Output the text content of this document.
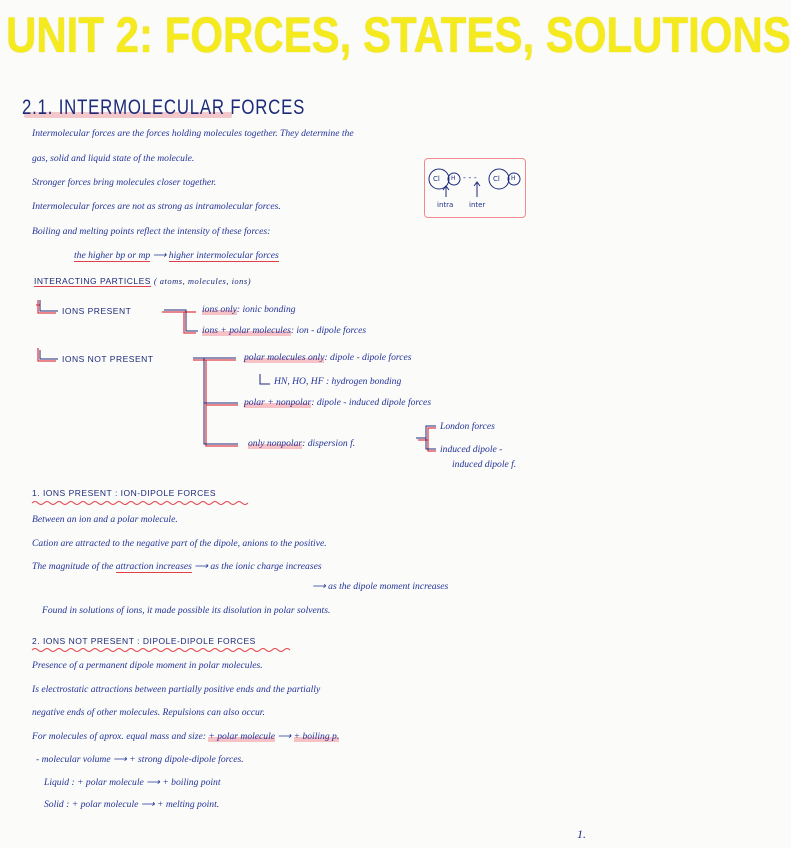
UNIT 2: FORCES, STATES, SOLUTIONS
2.1. INTERMOLECULAR FORCES
Intermolecular forces are the forces holding molecules together. They determine the
gas, solid and liquid state of the molecule.
Stronger forces bring molecules closer together.
Intermolecular forces are not as strong as intramolecular forces.
Boiling and melting points reflect the intensity of these forces:
the higher bp or mp ⟶ higher intermolecular forces
Cl H - - - Cl H
intra inter
INTERACTING PARTICLES ( atoms, molecules, ions)
IONS PRESENT	ions only: ionic bonding
ions + polar molecules: ion - dipole forces
IONS NOT PRESENT	polar molecules only: dipole - dipole forces
HN, HO, HF : hydrogen bonding
polar + nonpolar: dipole - induced dipole forces
only nonpolar: dispersion f.
London forces
induced dipole -
induced dipole f.
1. IONS PRESENT : ION-DIPOLE FORCES
Between an ion and a polar molecule.
Cation are attracted to the negative part of the dipole, anions to the positive.
The magnitude of the attraction increases ⟶ as the ionic charge increases
⟶ as the dipole moment increases
Found in solutions of ions, it made possible its disolution in polar solvents.
2. IONS NOT PRESENT : DIPOLE-DIPOLE FORCES
Presence of a permanent dipole moment in polar molecules.
Is electrostatic attractions between partially positive ends and the partially
negative ends of other molecules. Repulsions can also occur.
For molecules of aprox. equal mass and size: + polar molecule ⟶ + boiling p.
- molecular volume ⟶ + strong dipole-dipole forces.
Liquid : + polar molecule ⟶ + boiling point
Solid : + polar molecule ⟶ + melting point.
1.
